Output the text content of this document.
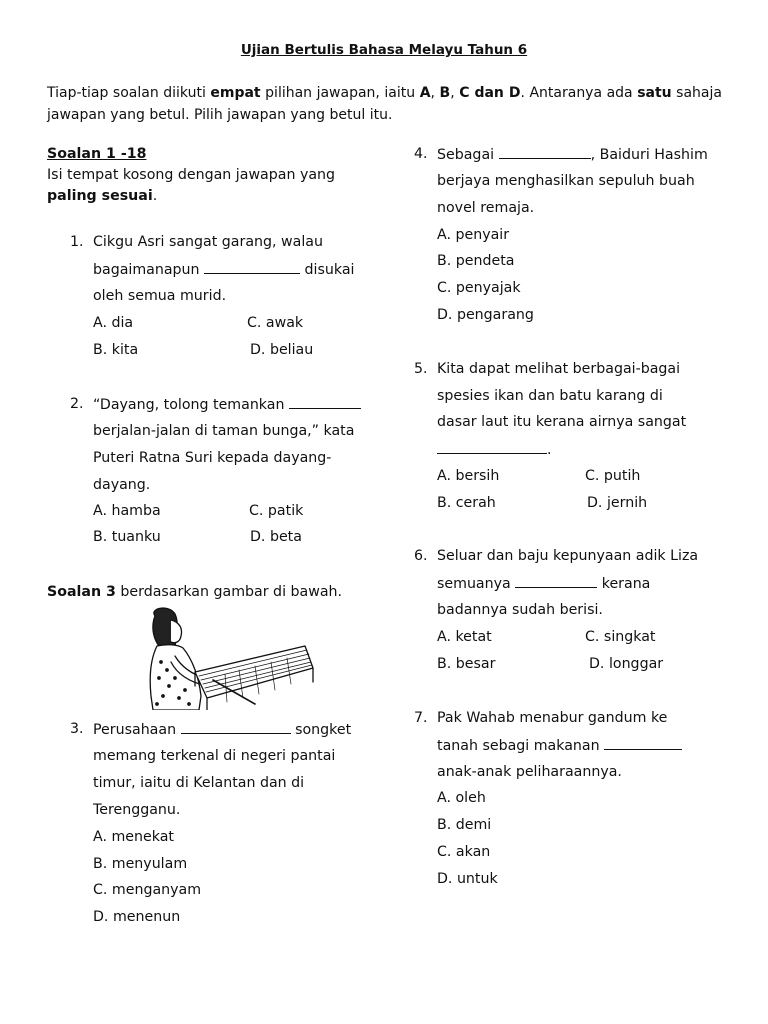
Ujian Bertulis Bahasa Melayu Tahun 6
Tiap-tiap soalan diikuti empat pilihan jawapan, iaitu A, B, C dan D. Antaranya ada satu sahaja jawapan yang betul. Pilih jawapan yang betul itu.
Soalan 1 -18
Isi tempat kosong dengan jawapan yang
paling sesuai.
1. Cikgu Asri sangat garang, walau
bagaimanapun	disukai
oleh semua murid.
A. dia	C. awak
B. kita	D. beliau
2. “Dayang, tolong temankan
berjalan-jalan di taman bunga,” kata
Puteri Ratna Suri kepada dayang-
dayang.
A. hamba	C. patik
B. tuanku	D. beta
Soalan 3 berdasarkan gambar di bawah.
3. Perusahaan	songket
memang terkenal di negeri pantai
timur, iaitu di Kelantan dan di
Terengganu.
A. menekat
B. menyulam
C. menganyam
D. menenun
4. Sebagai	, Baiduri Hashim
berjaya menghasilkan sepuluh buah
novel remaja.
A. penyair
B. pendeta
C. penyajak
D. pengarang
5. Kita dapat melihat berbagai-bagai
spesies ikan dan batu karang di
dasar laut itu kerana airnya sangat
.
A. bersih	C. putih
B. cerah	D. jernih
6. Seluar dan baju kepunyaan adik Liza
semuanya	kerana
badannya sudah berisi.
A. ketat	C. singkat
B. besar	D. longgar
7. Pak Wahab menabur gandum ke
tanah sebagi makanan
anak-anak peliharaannya.
A. oleh
B. demi
C. akan
D. untuk
